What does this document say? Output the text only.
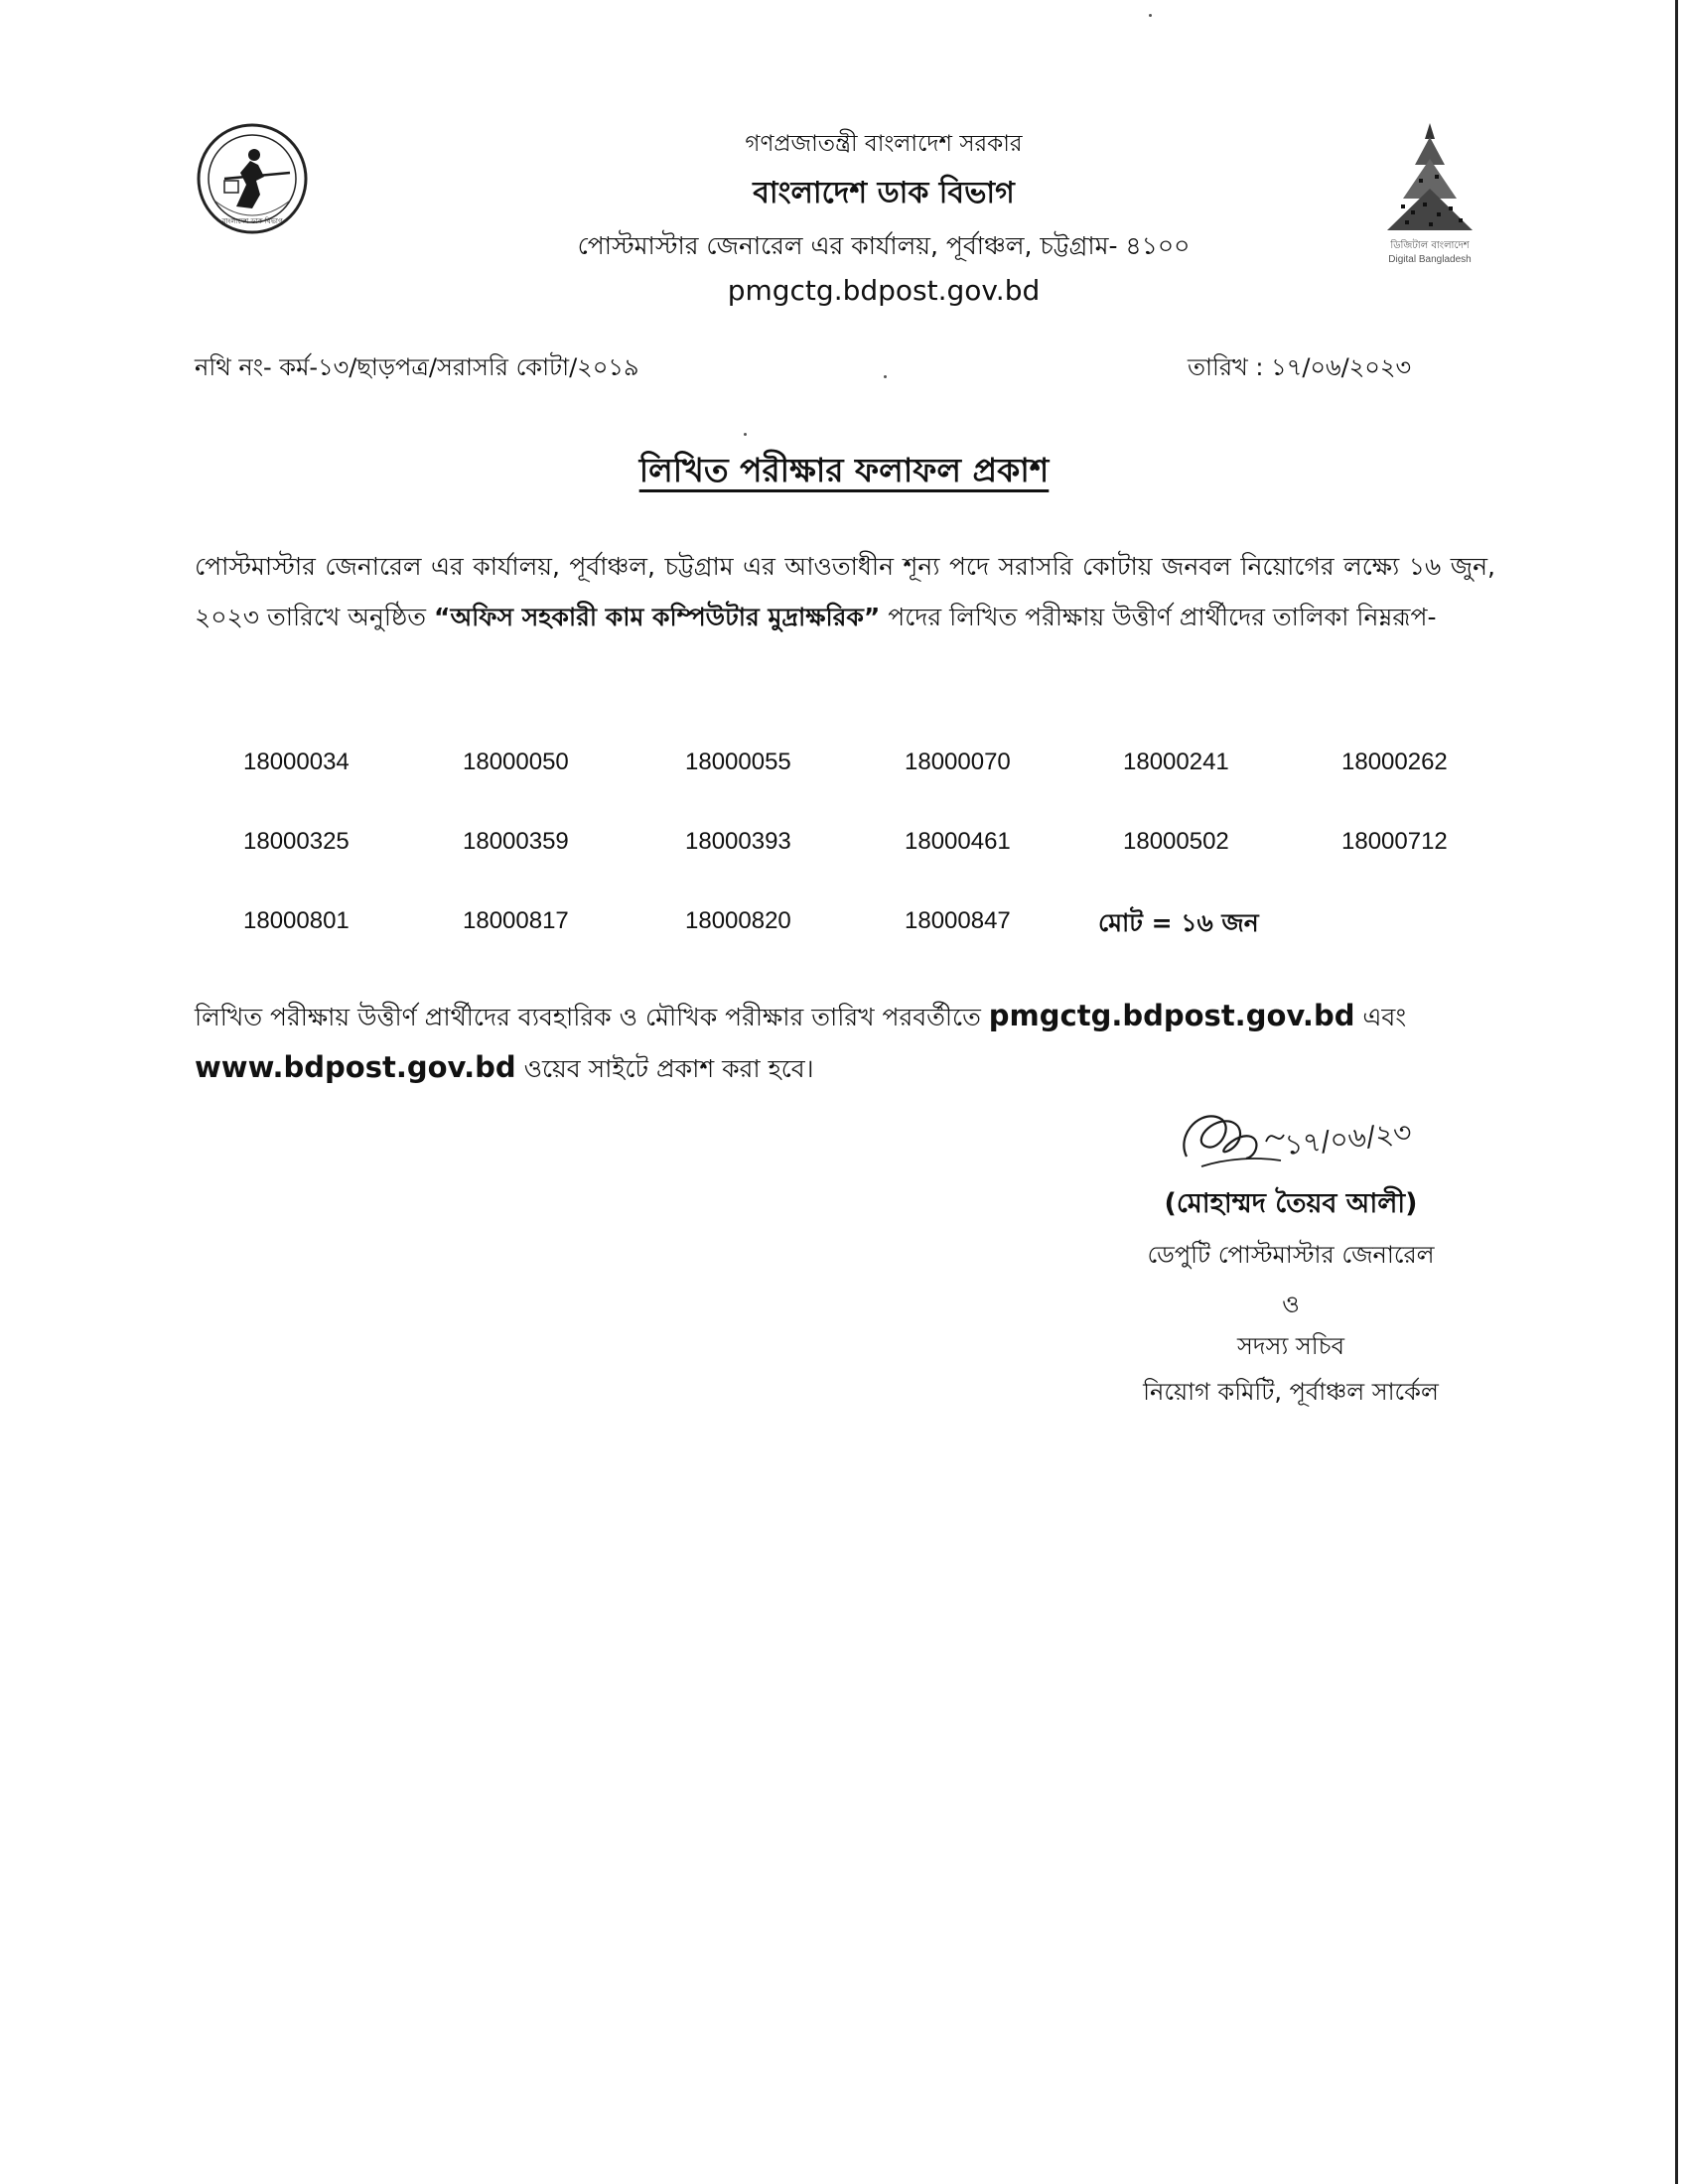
বাংলাদেশ ডাক বিভাগ
ডিজিটাল বাংলাদেশ
Digital Bangladesh
গণপ্রজাতন্ত্রী বাংলাদেশ সরকার
বাংলাদেশ ডাক বিভাগ
পোস্টমাস্টার জেনারেল এর কার্যালয়, পূর্বাঞ্চল, চট্টগ্রাম- ৪১০০
pmgctg.bdpost.gov.bd
নথি নং- কর্ম-১৩/ছাড়পত্র/সরাসরি কোটা/২০১৯	তারিখ : ১৭/০৬/২০২৩
লিখিত পরীক্ষার ফলাফল প্রকাশ
পোস্টমাস্টার জেনারেল এর কার্যালয়, পূর্বাঞ্চল, চট্টগ্রাম এর আওতাধীন শূন্য পদে সরাসরি কোটায় জনবল নিয়োগের লক্ষ্যে ১৬ জুন, ২০২৩ তারিখে অনুষ্ঠিত “অফিস সহকারী কাম কম্পিউটার মুদ্রাক্ষরিক” পদের লিখিত পরীক্ষায় উত্তীর্ণ প্রার্থীদের তালিকা নিম্নরূপ-
18000034	18000050	18000055	18000070	18000241	18000262
18000325	18000359	18000393	18000461	18000502	18000712
18000801	18000817	18000820	18000847	মোট = ১৬ জন
লিখিত পরীক্ষায় উত্তীর্ণ প্রার্থীদের ব্যবহারিক ও মৌখিক পরীক্ষার তারিখ পরবর্তীতে pmgctg.bdpost.gov.bd এবং www.bdpost.gov.bd ওয়েব সাইটে প্রকাশ করা হবে।
১৭/০৬/২৩
(মোহাম্মদ তৈয়ব আলী)
ডেপুটি পোস্টমাস্টার জেনারেল
ও
সদস্য সচিব
নিয়োগ কমিটি, পূর্বাঞ্চল সার্কেল
